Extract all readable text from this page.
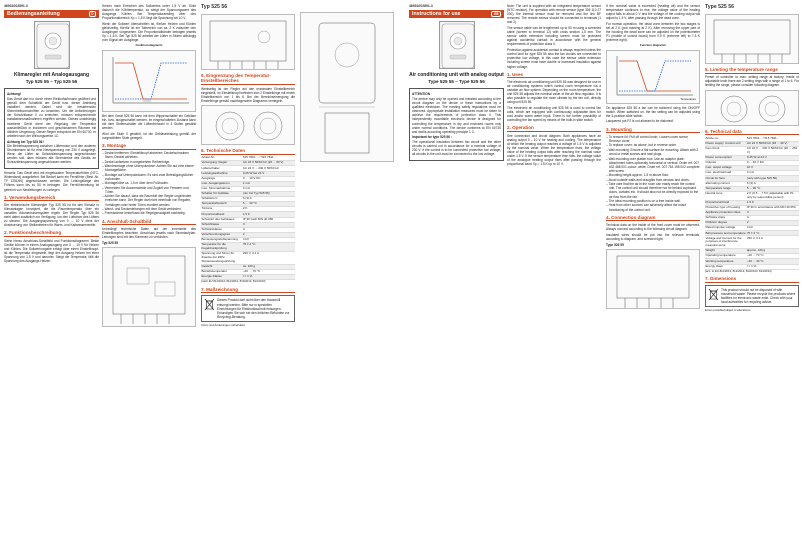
46931002891-3
Bedienungsanleitung	D
Klimaregler mit Analogausgang
Typ 525 55 – Typ 525 56
Achtung!

Das Gerät darf nur durch einen Elektrofachmann geöffnet und gemäß dem Schaltbild am Gerät bzw. dieser Anleitung installiert werden. Dabei sind die bestehenden Sicherheitsvorschriften zu beachten. Um die Anforderungen der Schutzklasse II zu erreichen, müssen entsprechende Installationsmaßnahmen ergriffen werden. Dieses unabhängig montierte Gerät dient der Regelung der Temperatur ausschließlich in trockenen und geschlossenen Räumen mit üblicher Umgebung. Dieser Regler entspricht der EN 60730, er arbeitet nach der Wirkungsweise 1C.

Achtung bei Typ 525 56 !

Die Betriebsspannung zwischen Lüftermotor und den anderen Stromkreisen ist für eine Netzspannung von 230 V ausgelegt. Wenn der Lüfter an Schutzkleinspannung angeschlossen werden soll, dann müssen alle Stromkreise des Geräts an Schutzkleinspannung angeschlossen werden.

Hinweis: Das Gerät wird mit eingebautem Temperaturfühler (NTC-Widerstand) ausgeliefert. Bei Bedarf kann ein Fernfühler (Best.-Nr. TF 1251/60) angeschlossen werden. Die Leitungslänge des Fühlers kann bis zu 50 m betragen. Die Fernfühlerleitung ist getrennt von Netzleitungen zu verlegen.

1. Verwendungsbereich

Der elektronische Klimaregler Typ 525 55 ist für den Einsatz in Klimaanlagen konzipiert, die die Raumtemperatur über ein variables Volumenstromsystem regeln. Der Regler Typ 525 56 steht dabei zusätzlich zur Verfügung, um den Luftstrom des Lüfters zu steuern. Die Ausgangsspannung von 0 … 10 V dient der Ansteuerung von Stellantrieben für Warm- und Kaltwasserventile.

2. Funktionsbeschreibung

Siehe hierzu Anschluss-Schaltbild und Funktionsdiagramm. Beide Geräte können in einem Analogausgang von 0 … 10 V für Heizen und Kühlen. Die Sollwertvorgabe erfolgt über einen Einstellknopf. Ist die Temperatur eingestellt, liegt der Ausgang Heizen bei einer Spannung von 1,5 V und darunter. Steigt die Temperatur, fällt die Spannung des Ausgangs Heizen.

Heizen nach Erreichen des Sollwertes unter 1,5 V ab. Sinkt dadurch die Kühltemperatur, so steigt der Spannungswert des Ausgangs Kühlen. Bei Temperaturanstieg über den Proportionalbereich Xp = 1,5 K liegt die Spannung bei 10 V.

Wenn der Sollwert überschritten ist, fließen Heizen und Kühlen gleichzeitig. Hierfür ist ein Totbereich von ca. 2 K zwischen den Ausgängen vorgesehen. Die Proportionalbänder betragen jeweils Xp = 1,5 K. Bei Typ 525 56 arbeitet der Lüfter in Stufen abhängig vom Signal der Ausgänge.

Funktionsdiagramm

Bei dem Gerät 525 56 kann mit dem Wippenschalter ein Gebläse ein- bzw. ausgeschaltet werden. Im eingeschalteten Zustand kann mit dem Stufenschalter die Lüfterdrehzahl in 3 Stufen gewählt werden.

Wird die Stufe 0 gewählt, ist die Gebläseleistung gemäß der vorgewählten Stufe geregelt.

3. Montage
– Deckel entfernen: Einstellknopf abziehen; Deckelschrauben lösen; Deckel abheben.
– Deckel aufsetzen in umgekehrter Reihenfolge.
– Wandmontage ohne Unterputzdose: Achten Sie auf eine ebene Montagefläche.
– Montage auf Unterputzdosen: Es sind zwei Befestigungslöcher vorhanden.
– Montagehöhe ca. 1,5 m über dem Fußboden.
– Vermeiden Sie Aussenwände und Zugluft von Fenstern und Türen.
– Achten Sie darauf, dass die Raumluft den Regler ungehindert erreichen kann. Der Regler darf nicht innerhalb von Regalen, Vorhängen oder hinter Türen montiert werden.
– Wand- und Deckenleitungen mit dem Gerät verbinden.
– Fremdwärme beeinflusst die Regelgenauigkeit nachteilig.
4. Anschluß-Schaltbild

Unbedingt technische Daten auf der Innenseite des Einstellknopfes beachten. Anschluss jeweils nach Stromlaufplan. Leitungen sind mit den Klemmen zu verbinden.

Typ 525 55
Typ 525 56
5. Eingrenzung des Temperatur-Einstellbereiches

Werkseitig ist der Regler auf den maximalen Einstellbereich eingestellt. Im Einstellknopf befinden sich 2 Einstellringe mit einem Einstellbereich von 1 bis 6. Bei der Bereichseinengung die Einstellringe gemäß nachfolgendem Diagramm verriegeln.

6. Technische Daten
Artikel-Nr.	515 7801 ... / 515 7811 ...
Versorgung: Regler	AC 24 V 50/60 Hz (20 ... 30 V)
Lüfterschalter	AC 24 V ... 240 V 50/60 Hz
Leistungsaufnahme	0,25 W bei 24 V
Ausgänge	0 … 10 V DC
max. Ausgangsstrom	1 mA
max. Stromaufnahme	3 mA
Schalter für Gebläse	(nur bei Typ 525 56)
Schaltstrom	6 (3) A
Temperaturbereich	5 … 30 °C
Totzone	2 K
Proportionalband	1,5 K
Schutzart des Gehäuses	IP 30 nach DIN 40 050
Schutzklasse	II
Softwareklasse	A
Verschmutzungsgrad	2
Bemessungsstoßspannung	4 kV
Temperatur für die Kugeldruckprüfung	75 ± 2 °C
Spannung und Strom für Zwecke der EMV-Störaussendungsprüfung	230 V, 0,1 A
Gewicht	ca. 120 g
Betriebstemperatur	–20 … 70 °C
Energie-Klasse	I = 1 %
(nach EU 811/2013, 812/2013, 813/2013, 814/2013)
7. Maßzeichnung
Dieses Produkt darf nicht über den Hausmüll entsorgt werden. Bitte nur in speziellen Einrichtungen für Elektronikschrott entsorgen. Erkundigen Sie sich bei den örtlichen Behörden zur Recycling-Beratung.
Irrtum und Änderungen vorbehalten
46931002891-3
Instructions for use	GB
Air conditioning unit with analog output
Type 525 55 – Type 525 56
ATTENTION

The device may only be opened and installed according to the circuit diagram on the device or these instructions by a qualified electrician. The existing safety regulations must be observed. Appropriate installation measures must be taken to achieve the requirements of protection class II. This independently mountable electronic device is designed for controlling the temperature in dry and enclosed rooms only under normal conditions. The device conforms to EN 60730 and works according operating principle 1 C.

Important for type 525 56 :

The operational insulation between fan circuit and the other circuits is carried out in accordance for a nominal voltage of 230 V. If the control is to be connected protective low voltage, all circuits in the unit must be connected to the low voltage.

Note: The unit is supplied with an integrated temperature sensor (NTC resistor). For operation with remote sensor (type 306 110 27 000), the internal sensor must be removed and the link BF removed. The remote sensor should be connected to terminals (1 and 2).

The sensor cable can be lengthened up to 50 m using a screened cable (screen to terminal 12) with cross section 1,5 mm. The sensor cable extension including screen must be protected against accidental contact in accordance with the general requirements of protection class II.

Protection against accidental contact is always required unless the control land for type 525 56 also the fan circuits are connected to protective low voltage, in this case the sensor cable extension including screen must have double or increased insulation against higher voltage.

1. Uses

The electronic air conditioning unit 525 55 was designed for use in air conditioning systems which control room temperature via a variable air flow system. Depending on the room temperature, the unit 525 55 adjusts the nominal value of the air flow regulator. It is also possible to regulate the room climate by the fan coil, directly using unit 525 55.

The electronic air conditioning unit 525 56 is used to control fan coils, which are equipped with continuously adjustable fans for cold and/or warm water input. There is the further possibility of controlling the fan speed by means of the built-in slide switch.

2. Operation

See connection and circuit diagram. Both appliances have an analog output 0 – 10 V for heating and cooling. The temperature at which the heating output reaches a voltage of 1.5 V is adjusted by the nominal value. When the temperature rises, the voltage value of the heating output falls after reaching the nominal value under 1.5 V. If the sensor temperature then falls, the voltage value of the analogue heating output rises after passing through the proportional band Xp = 1.5 K up to 10 V.

If the nominal value is exceeded (heating off) and the sensor temperature continues to rise, the voltage value of the heating output falls to about 0 V and the voltage of the cooling output will adjust to 1.5 V, after passing through the dead zone.

For normal operation, the dead zone between the two stages is set at 2 K (pcb marking at 2 K). After removing the upper part of the housing the dead zone can be adjusted on the potentiometer P1 (middle of control board) from 0.5 K (extreme left) to 7.5 K (extreme right).

Function diagramm
Temperature

On appliance 525 56 a fan can be switched using the ON/OFF switch. When switched on, the fan setting can be adjusted using the 3-position slide switch.

Lacquered pot P2 is not allowed to be distorted!

3. Mounting
– To remove lid: Pull off control knob; Loosen cover screw; Remove cover
– To replace cover: as above, but in reverse order.
– Wall mounting: Ensure a flat surface for mounting. Attach with 2 wood or metal screws and rawl plugs.
– Wall mounting over plaster box: Use an adaptor plate. Attachment holes optionally horizontal or vertical. Order ref. 007 632 488 001 colour: white; Order ref. 007 763 198 002 complete with screw
– Mounting height approx. 1.5 m above floor.
– Avoid outside walls and draughts from window and doors.
– Take care that the air in the room can easily reach the control unit. The control unit should therefore not be behind cupboard doors, curtains etc. It should also not be directly exposed to the air flow from the fan.
– The ideal mounting position is on a free inside wall.
– Heat from other sources can adversely affect the exact functioning of the control unit.
4. Connection diagram

Technical data on the inside of the front cover must be observed. Always connect according to the following circuit diagram.

Insulated wires should be put into the relevant terminals, according to diagram, and screwed tight.

Type 525 55
Type 525 56
5. Limiting the temperature range

Preset of controller to max. setting range at factory. Inside of adjustable knob there are 2 setting rings with a range of 1 to 6. For limiting the range, please consider following diagram.

6. Technical data
Article no.	515 7801... / 515 7811...
Power supply: Control unit	AC 24 V 50/60 Hz (18 ... 30 V)
Fan circuit	AC 24 V ... 240 V 50/60 Hz (20 ... 264 V)
Power consumption	0.25 W at 24 V
Outputs	0 ... 10 V DC
max. output voltage	10 V
max. electrical load	3 mA
Circuit for fans	(only with type 525 56)
alternating current	6 (3) A
Temperature range	5 ... 30 °C
Neutral zone	2 K (0.5 ... 7.5 K adjustable with P1 only by responsible person)
Proportional band	1.5 K
Protective type of housing	IP 30 in accordance with DIN 40 050
Appliance protection class	II
Software class	A
Pollution degree	2
Rated impulse voltage	4 kV
Ball pressure test temperature	75 ± 2 °C
Voltage and Current for the purposes of interference measurements	230 V, 0.1 A
Weight	approx. 120 g
Operating temperature	–20 ... 70 °C
Working temperature	–20 ... 40 °C
Energy class	I = 1 %
(acc. to EU 811/2013, 812/2013, 813/2013, 814/2013)
7. Dimensions
This product should not be disposed of with household waste. Please recycle the products where facilities for electronic waste exist. Check with your local authorities for recycling advice.
Errors possible/subject to alterations.
